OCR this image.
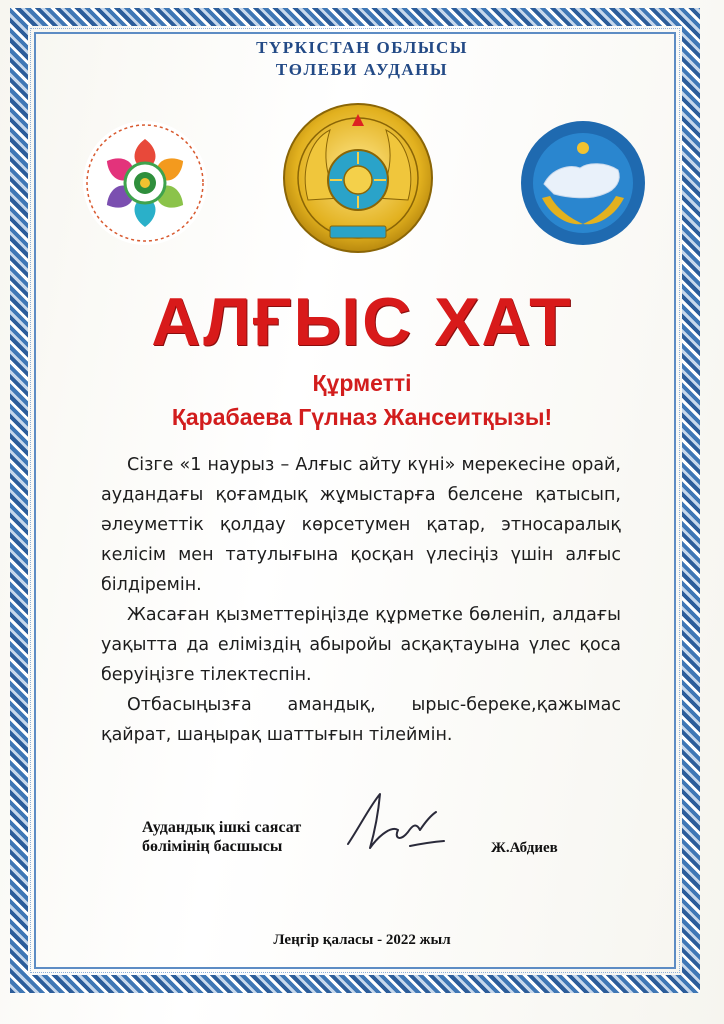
ТҮРКІСТАН ОБЛЫСЫ
ТӨЛЕБИ АУДАНЫ
АЛҒЫС ХАТ
Құрметті
Қарабаева Гүлназ Жансеитқызы!

Сізге «1 наурыз – Алғыс айту күні» мерекесіне орай, аудандағы қоғамдық жұмыстарға белсене қатысып, әлеуметтік қолдау көрсетумен қатар, этносаралық келісім мен татулығына қосқан үлесіңіз үшін алғыс білдіремін.

Жасаған қызметтеріңізде құрметке бөленіп, алдағы уақытта да еліміздің абыройы асқақтауына үлес қоса беруіңізге тілектеспін.

Отбасыңызға амандық, ырыс-береке,қажымас қайрат, шаңырақ шаттығын тілеймін.

Аудандық ішкі саясат
бөлімінің басшысы	Ж.Абдиев
Леңгір қаласы - 2022 жыл
